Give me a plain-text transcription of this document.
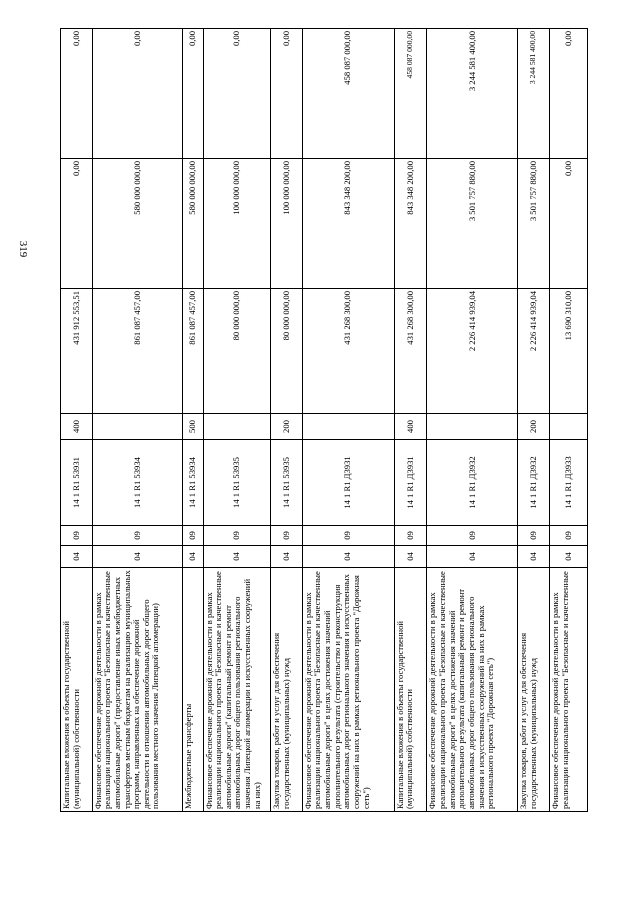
319
Капитальные вложения в объекты государственной (муниципальной) собственности	04	09	14 1 R1 53931	400	431 912 553,51	0,00	0,00
Финансовое обеспечение дорожной деятельности в рамках реализации национального проекта "Безопасные и качественные автомобильные дороги" (предоставление иных межбюджетных трансфертов местным бюджетам на реализацию муниципальных программ, направленных на обеспечение дорожной деятельности в отношении автомобильных дорог общего пользования местного значения Липецкой агломерации)	04	09	14 1 R1 53934		861 087 457,00	580 000 000,00	0,00
Межбюджетные трансферты	04	09	14 1 R1 53934	500	861 087 457,00	580 000 000,00	0,00
Финансовое обеспечение дорожной деятельности в рамках реализации национального проекта "Безопасные и качественные автомобильные дороги" (капитальный ремонт и ремонт автомобильных дорог общего пользования регионального значения Липецкой агломерации и искусственных сооружений на них)	04	09	14 1 R1 53935		80 000 000,00	100 000 000,00	0,00
Закупка товаров, работ и услуг для обеспечения государственных (муниципальных) нужд	04	09	14 1 R1 53935	200	80 000 000,00	100 000 000,00	0,00
Финансовое обеспечение дорожной деятельности в рамках реализации национального проекта "Безопасные и качественные автомобильные дороги" в целях достижения значений дополнительного результата (строительство и реконструкция автомобильных дорог регионального значения и искусственных сооружений на них в рамках регионального проекта "Дорожная сеть")	04	09	14 1 R1 Д3931		431 268 300,00	843 348 200,00	458 087 000,00
Капитальные вложения в объекты государственной (муниципальной) собственности	04	09	14 1 R1 Д3931	400	431 268 300,00	843 348 200,00	458 087 000,00
Финансовое обеспечение дорожной деятельности в рамках реализации национального проекта "Безопасные и качественные автомобильные дороги" в целях достижения значений дополнительного результата (капитальный ремонт и ремонт автомобильных дорог общего пользования регионального значения и искусственных сооружений на них в рамках регионального проекта "Дорожная сеть")	04	09	14 1 R1 Д3932		2 226 414 939,04	3 501 757 880,00	3 244 581 400,00
Закупка товаров, работ и услуг для обеспечения государственных (муниципальных) нужд	04	09	14 1 R1 Д3932	200	2 226 414 939,04	3 501 757 880,00	3 244 581 400,00
Финансовое обеспечение дорожной деятельности в рамках реализации национального проекта "Безопасные и качественные	04	09	14 1 R1 Д3933		13 690 310,00	0,00	0,00
